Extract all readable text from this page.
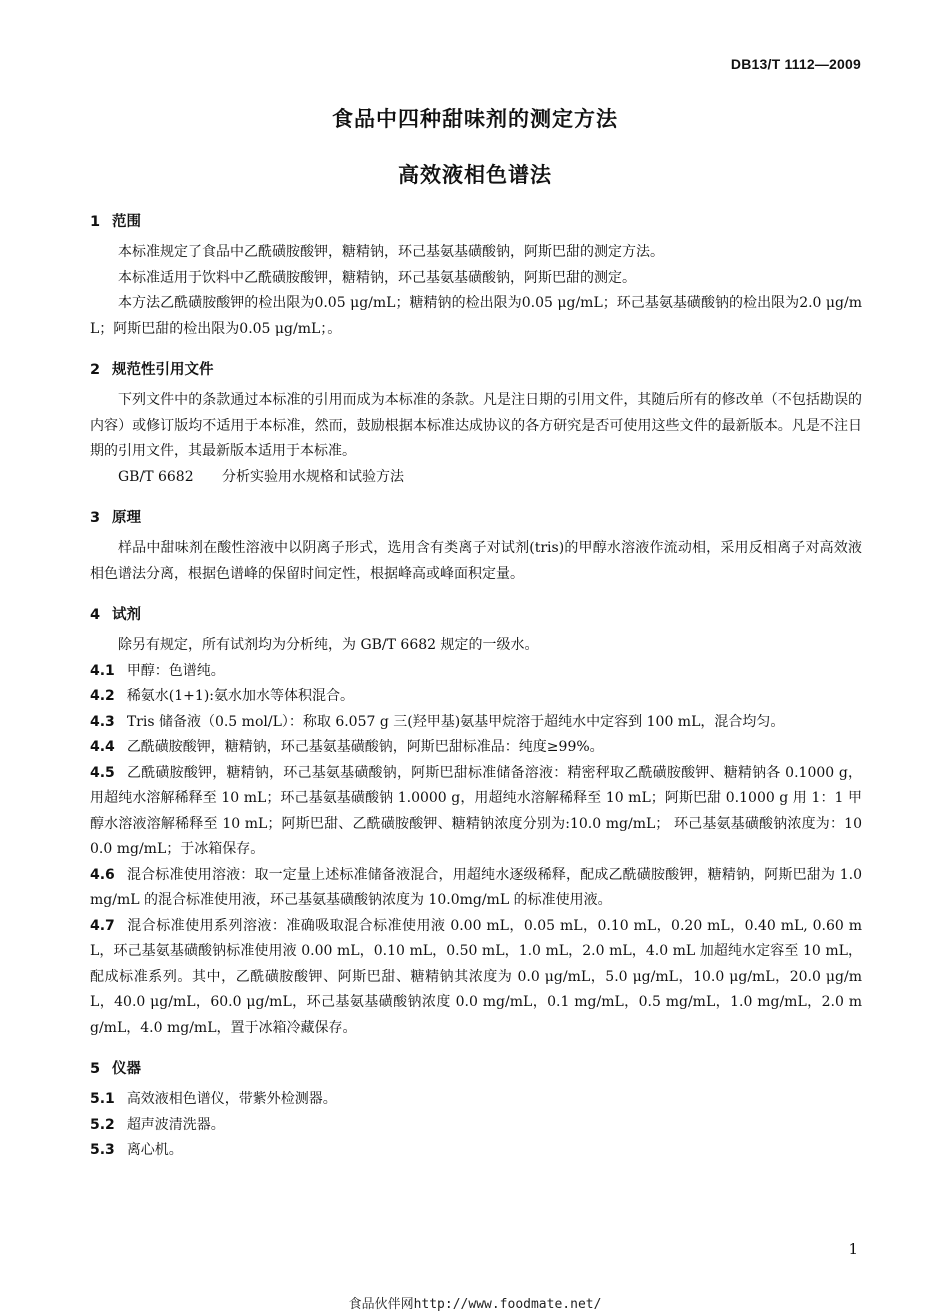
DB13/T 1112—2009
食品中四种甜味剂的测定方法
高效液相色谱法
1 范围
本标准规定了食品中乙酰磺胺酸钾，糖精钠，环己基氨基磺酸钠，阿斯巴甜的测定方法。
本标准适用于饮料中乙酰磺胺酸钾，糖精钠，环己基氨基磺酸钠，阿斯巴甜的测定。
本方法乙酰磺胺酸钾的检出限为0.05 μg/mL；糖精钠的检出限为0.05 μg/mL；环己基氨基磺酸钠的检出限为2.0 μg/mL；阿斯巴甜的检出限为0.05 μg/mL；。
2 规范性引用文件
下列文件中的条款通过本标准的引用而成为本标准的条款。凡是注日期的引用文件，其随后所有的修改单（不包括勘误的内容）或修订版均不适用于本标准，然而，鼓励根据本标准达成协议的各方研究是否可使用这些文件的最新版本。凡是不注日期的引用文件，其最新版本适用于本标准。
GB/T 6682 分析实验用水规格和试验方法
3 原理
样品中甜味剂在酸性溶液中以阴离子形式，选用含有类离子对试剂(tris)的甲醇水溶液作流动相，采用反相离子对高效液相色谱法分离，根据色谱峰的保留时间定性，根据峰高或峰面积定量。
4 试剂
除另有规定，所有试剂均为分析纯，为 GB/T 6682 规定的一级水。
4.1 甲醇：色谱纯。
4.2 稀氨水(1+1):氨水加水等体积混合。
4.3 Tris 储备液（0.5 mol/L）：称取 6.057 g 三(羟甲基)氨基甲烷溶于超纯水中定容到 100 mL，混合均匀。
4.4 乙酰磺胺酸钾，糖精钠，环己基氨基磺酸钠，阿斯巴甜标准品：纯度≥99%。
4.5 乙酰磺胺酸钾，糖精钠，环己基氨基磺酸钠，阿斯巴甜标准储备溶液：精密秤取乙酰磺胺酸钾、糖精钠各 0.1000 g，用超纯水溶解稀释至 10 mL；环己基氨基磺酸钠 1.0000 g，用超纯水溶解稀释至 10 mL；阿斯巴甜 0.1000 g 用 1：1 甲醇水溶液溶解稀释至 10 mL；阿斯巴甜、乙酰磺胺酸钾、糖精钠浓度分别为:10.0 mg/mL； 环己基氨基磺酸钠浓度为：100.0 mg/mL；于冰箱保存。
4.6 混合标准使用溶液：取一定量上述标准储备液混合，用超纯水逐级稀释，配成乙酰磺胺酸钾，糖精钠，阿斯巴甜为 1.0 mg/mL 的混合标准使用液，环己基氨基磺酸钠浓度为 10.0mg/mL 的标准使用液。
4.7 混合标准使用系列溶液：准确吸取混合标准使用液 0.00 mL，0.05 mL，0.10 mL，0.20 mL，0.40 mL, 0.60 mL，环己基氨基磺酸钠标准使用液 0.00 mL，0.10 mL，0.50 mL，1.0 mL，2.0 mL，4.0 mL 加超纯水定容至 10 mL，配成标准系列。其中，乙酰磺胺酸钾、阿斯巴甜、糖精钠其浓度为 0.0 μg/mL，5.0 μg/mL，10.0 μg/mL，20.0 μg/mL，40.0 μg/mL，60.0 μg/mL，环己基氨基磺酸钠浓度 0.0 mg/mL，0.1 mg/mL，0.5 mg/mL，1.0 mg/mL，2.0 mg/mL，4.0 mg/mL，置于冰箱冷藏保存。
5 仪器
5.1 高效液相色谱仪，带紫外检测器。
5.2 超声波清洗器。
5.3 离心机。
1
食品伙伴网http://www.foodmate.net/
